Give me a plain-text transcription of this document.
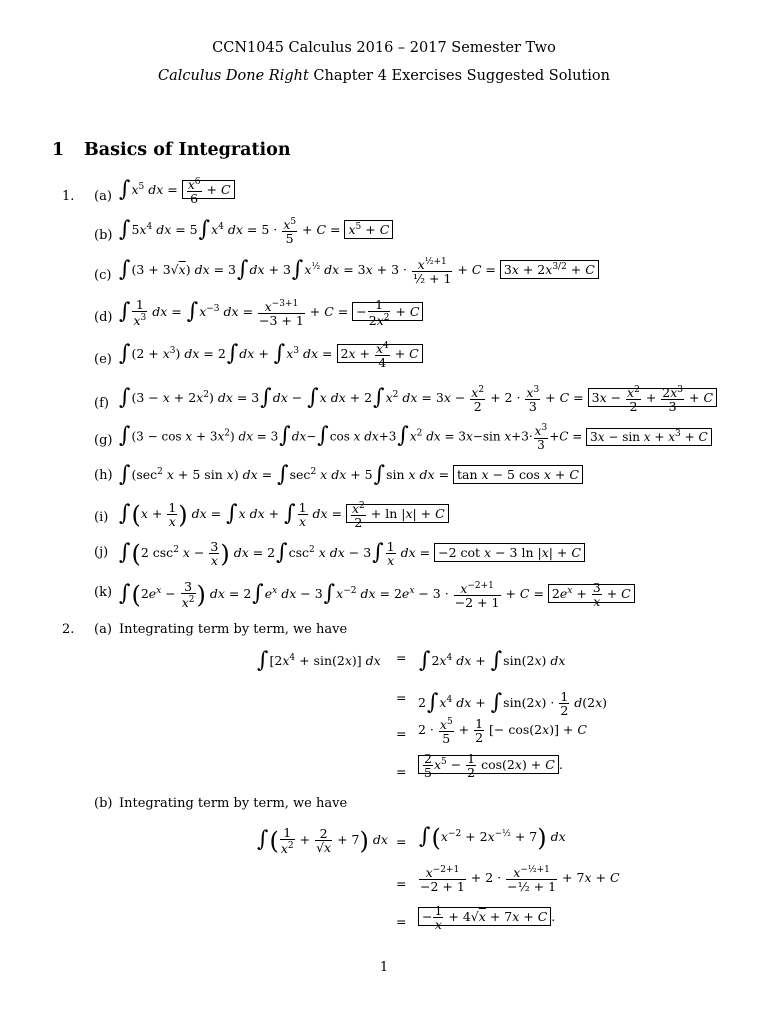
CCN1045 Calculus 2016 – 2017 Semester Two
Calculus Done Right Chapter 4 Exercises Suggested Solution
1 Basics of Integration
1. (a) $\int x^5$ dx = $\frac{x^6}{6} + C$
(b) $\int 5x^4$ dx = $5\int x^4$ dx = $5 \cdot \frac{x^5}{5} + C = x^5 + C$
(c) ∫(3 + 3√x) dx = $3\int dx + 3\int x^{\frac{1}{2}}$ dx = $3x + 3 \cdot \frac{x^{\frac{1}{2}+1}}{\text{½ + 1}} + C = 3x + 2x^{3/2} + C$
(d) ∫ $\frac{1}{x^3}$ dx = $\int x^{-3}$ dx = $\frac{x^{-3+1}}{-3 + 1} + C$ = − $\frac{1}{2x^2} + C$
(e) $\int(2 + x^3)$ dx = $2\int dx + \int x^3$ dx = $2x + \frac{x^4}{4} + C$
(f) $\int(3 - x + 2x^2)$ dx = 3∫dx − ∫x dx + $2\int x^2$ dx = $3x - \frac{x^2}{2} + 2 \cdot \frac{x^3}{3} + C = 3x - \frac{x^2}{2} + \frac{2x^3}{3} + C$
(g) $\int(3 - \cos x + 3x^2)$ dx = 3∫dx−∫cos x $dx+3\int x^2$ dx = 3x−sin $x+3\cdot \frac{x^3}{3} +C = 3x - \sin x + x^3 + C$
(h) $\int(\sec^2$ x + 5 sin x) dx = $\int\sec^2$ x dx + 5∫sin x dx = tan x − 5 cos x + C
(i) $\int(x + \frac{1}{x}$ ) dx = ∫x dx + ∫ $\frac{1}{x}$ dx = $\frac{x^2}{2} + \ln |x| + C$
(j) ∫(2 $\csc^2 x - \frac{3}{x}$ ) dx = $2\int\csc^2$ x dx − $3\int \frac{1}{x}$ dx = −2 cot x − 3 ln |x| + C
(k) $\int(2e^x - \frac{3}{x^2}$ ) dx = $2\int e^x$ dx − $3\int x^{-2}$ dx = $2e^x - 3 \cdot \frac{x^{-2+1}}{-2 + 1} + C = 2e^x + \frac{3}{x} + C$
2. (a) Integrating term by term, we have
$\int[2x^4 + \sin(2x)]$ dx = $\int 2x^4$ dx + ∫sin(2x) dx
= $2\int x^4$ dx + $\int\sin(2x) \cdot \frac{1}{2} d(2x)$
= $2 \cdot \frac{x^5}{5} + \frac{1}{2}$ [− cos(2x)] + C
= $\frac{2}{5} x^5 - \frac{1}{2} \cos(2x) + C$ .
(b) Integrating term by term, we have
∫( $\frac{1}{x^2} + \frac{2}{√x} + 7$) dx = $\int(x^{-2} + 2x^{-\frac{1}{2}} + 7)$ dx
= $\frac{x^{-2+1}}{-2 + 1} + 2 \cdot \frac{x^{-\frac{1}{2}+1}}{\text{−½ + 1}} + 7x + C$
=	− $\frac{1}{x} + 4√x + 7x + C$ .
1
